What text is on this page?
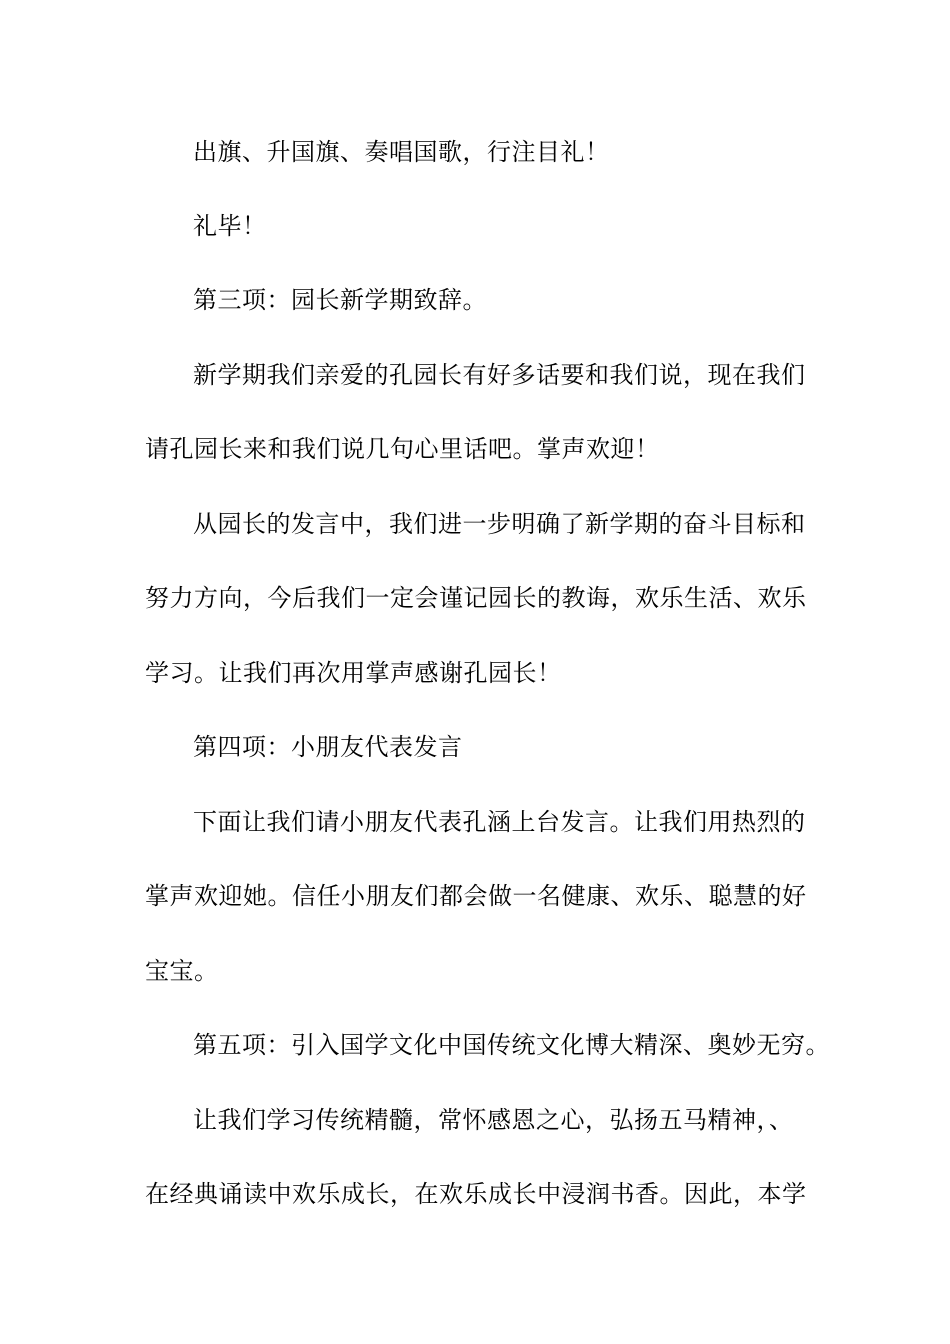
出旗、升国旗、奏唱国歌，行注目礼！
礼毕！
第三项：园长新学期致辞。
新学期我们亲爱的孔园长有好多话要和我们说，现在我们
请孔园长来和我们说几句心里话吧。掌声欢迎！
从园长的发言中，我们进一步明确了新学期的奋斗目标和
努力方向，今后我们一定会谨记园长的教诲，欢乐生活、欢乐
学习。让我们再次用掌声感谢孔园长！
第四项：小朋友代表发言
下面让我们请小朋友代表孔涵上台发言。让我们用热烈的
掌声欢迎她。信任小朋友们都会做一名健康、欢乐、聪慧的好
宝宝。
第五项：引入国学文化中国传统文化博大精深、奥妙无穷。
让我们学习传统精髓，常怀感恩之心，弘扬五马精神，、
在经典诵读中欢乐成长，在欢乐成长中浸润书香。因此，本学
